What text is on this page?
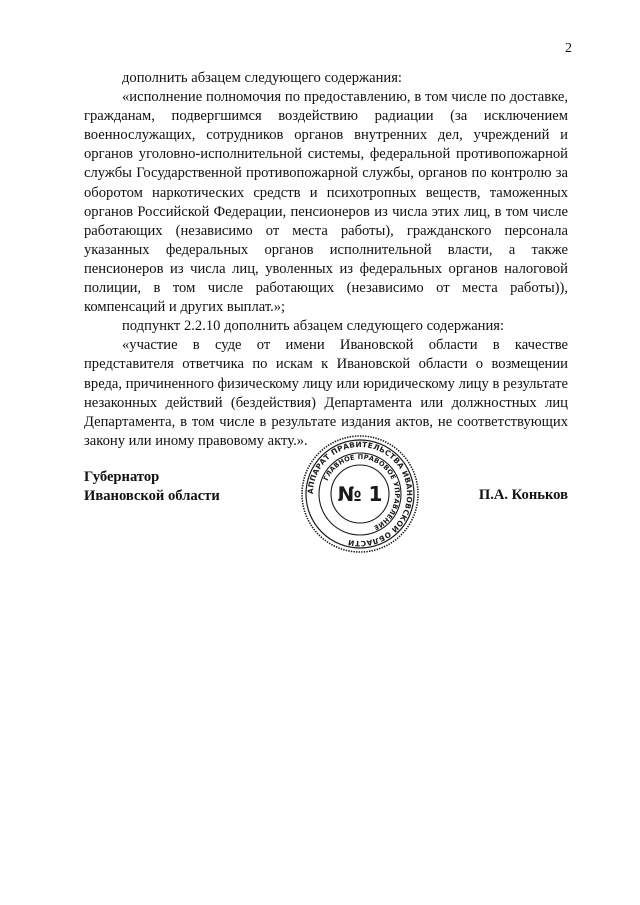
2

дополнить абзацем следующего содержания:

«исполнение полномочия по предоставлению, в том числе по доставке, гражданам, подвергшимся воздействию радиации (за исключением военнослужащих, сотрудников органов внутренних дел, учреждений и органов уголовно-исполнительной системы, федеральной противопожарной службы Государственной противопожарной службы, органов по контролю за оборотом наркотических средств и психотропных веществ, таможенных органов Российской Федерации, пенсионеров из числа этих лиц, в том числе работающих (независимо от места работы), гражданского персонала указанных федеральных органов исполнительной власти, а также пенсионеров из числа лиц, уволенных из федеральных органов налоговой полиции, в том числе работающих (независимо от места работы)), компенсаций и других выплат.»;

подпункт 2.2.10 дополнить абзацем следующего содержания:

«участие в суде от имени Ивановской области в качестве представителя ответчика по искам к Ивановской области о возмещении вреда, причиненного физическому лицу или юридическому лицу в результате незаконных действий (бездействия) Департамента или должностных лиц Департамента, в том числе в результате издания актов, не соответствующих закону или иному правовому акту.».

Губернатор
Ивановской области	АППАРАТ ПРАВИТЕЛЬСТВА ИВАНОВСКОЙ ОБЛАСТИ
ГЛАВНОЕ ПРАВОВОЕ УПРАВЛЕНИЕ
№ 1	П.А. Коньков
